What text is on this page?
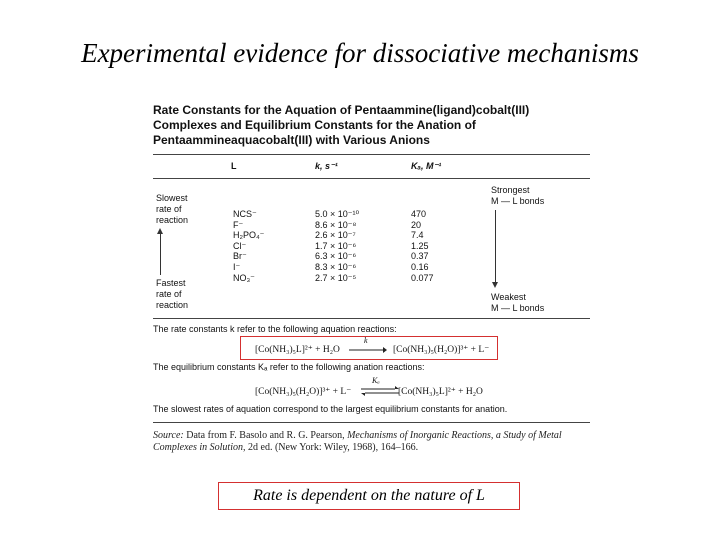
Experimental evidence for dissociative mechanisms
Rate Constants for the Aquation of Pentaammine(ligand)cobalt(III)
Complexes and Equilibrium Constants for the Anation of
Pentaammineaquacobalt(III) with Various Anions
L	k, s⁻¹	Kₐ, M⁻¹
Slowest
rate of
reaction
Fastest
rate of
reaction
NCS⁻
F⁻
H₂PO₄⁻
Cl⁻
Br⁻
I⁻
NO₃⁻
5.0 × 10⁻¹⁰
8.6 × 10⁻⁸
2.6 × 10⁻⁷
1.7 × 10⁻⁶
6.3 × 10⁻⁶
8.3 × 10⁻⁶
2.7 × 10⁻⁵
470
20
7.4
1.25
0.37
0.16
0.077
Strongest
M — L bonds
Weakest
M — L bonds
The rate constants k refer to the following aquation reactions:
[Co(NH₃)₅L]²⁺ + H₂O
k
[Co(NH₃)₅(H₂O)]³⁺ + L⁻
The equilibrium constants Kₐ refer to the following anation reactions:
[Co(NH₃)₅(H₂O)]³⁺ + L⁻
Kₐ
⇌ [Co(NH₃)₅L]²⁺ + H₂O
The slowest rates of aquation correspond to the largest equilibrium constants for anation.
Source: Data from F. Basolo and R. G. Pearson, Mechanisms of Inorganic Reactions, a Study of Metal Complexes in Solution, 2d ed. (New York: Wiley, 1968), 164–166.
Rate is dependent on the nature of L
